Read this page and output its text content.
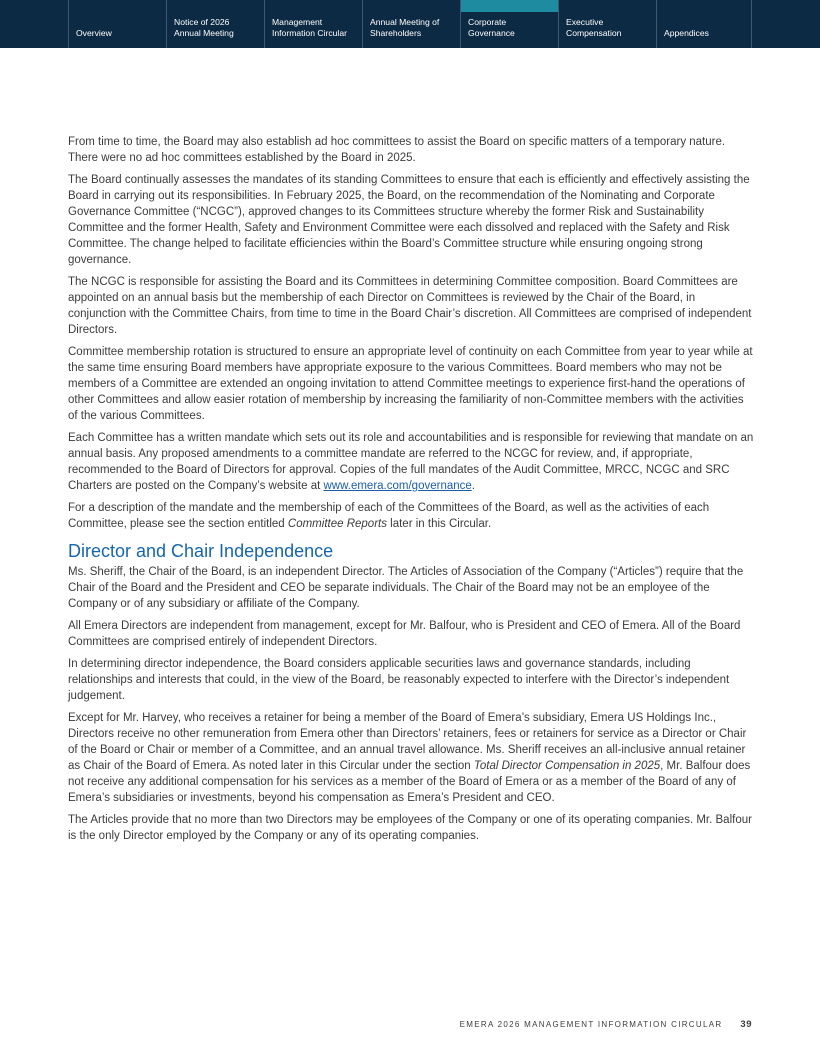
Overview
Notice of 2026
Annual Meeting
Management
Information Circular
Annual Meeting of
Shareholders
Corporate
Governance
Executive
Compensation	Appendices

From time to time, the Board may also establish ad hoc committees to assist the Board on specific matters of a temporary nature. There were no ad hoc committees established by the Board in 2025.

The Board continually assesses the mandates of its standing Committees to ensure that each is efficiently and effectively assisting the Board in carrying out its responsibilities. In February 2025, the Board, on the recommendation of the Nominating and Corporate Governance Committee (“NCGC”), approved changes to its Committees structure whereby the former Risk and Sustainability Committee and the former Health, Safety and Environment Committee were each dissolved and replaced with the Safety and Risk Committee. The change helped to facilitate efficiencies within the Board’s Committee structure while ensuring ongoing strong governance.

The NCGC is responsible for assisting the Board and its Committees in determining Committee composition. Board Committees are appointed on an annual basis but the membership of each Director on Committees is reviewed by the Chair of the Board, in conjunction with the Committee Chairs, from time to time in the Board Chair’s discretion. All Committees are comprised of independent Directors.

Committee membership rotation is structured to ensure an appropriate level of continuity on each Committee from year to year while at the same time ensuring Board members have appropriate exposure to the various Committees. Board members who may not be members of a Committee are extended an ongoing invitation to attend Committee meetings to experience first-hand the operations of other Committees and allow easier rotation of membership by increasing the familiarity of non-Committee members with the activities of the various Committees.

Each Committee has a written mandate which sets out its role and accountabilities and is responsible for reviewing that mandate on an annual basis. Any proposed amendments to a committee mandate are referred to the NCGC for review, and, if appropriate, recommended to the Board of Directors for approval. Copies of the full mandates of the Audit Committee, MRCC, NCGC and SRC Charters are posted on the Company’s website at www.emera.com/governance.

For a description of the mandate and the membership of each of the Committees of the Board, as well as the activities of each Committee, please see the section entitled Committee Reports later in this Circular.

Director and Chair Independence

Ms. Sheriff, the Chair of the Board, is an independent Director. The Articles of Association of the Company (“Articles”) require that the Chair of the Board and the President and CEO be separate individuals. The Chair of the Board may not be an employee of the Company or of any subsidiary or affiliate of the Company.

All Emera Directors are independent from management, except for Mr. Balfour, who is President and CEO of Emera. All of the Board Committees are comprised entirely of independent Directors.

In determining director independence, the Board considers applicable securities laws and governance standards, including relationships and interests that could, in the view of the Board, be reasonably expected to interfere with the Director’s independent judgement.

Except for Mr. Harvey, who receives a retainer for being a member of the Board of Emera’s subsidiary, Emera US Holdings Inc., Directors receive no other remuneration from Emera other than Directors’ retainers, fees or retainers for service as a Director or Chair of the Board or Chair or member of a Committee, and an annual travel allowance. Ms. Sheriff receives an all-inclusive annual retainer as Chair of the Board of Emera. As noted later in this Circular under the section Total Director Compensation in 2025, Mr. Balfour does not receive any additional compensation for his services as a member of the Board of Emera or as a member of the Board of any of Emera’s subsidiaries or investments, beyond his compensation as Emera’s President and CEO.

The Articles provide that no more than two Directors may be employees of the Company or one of its operating companies. Mr. Balfour is the only Director employed by the Company or any of its operating companies.

EMERA 2026 MANAGEMENT INFORMATION CIRCULAR 39
